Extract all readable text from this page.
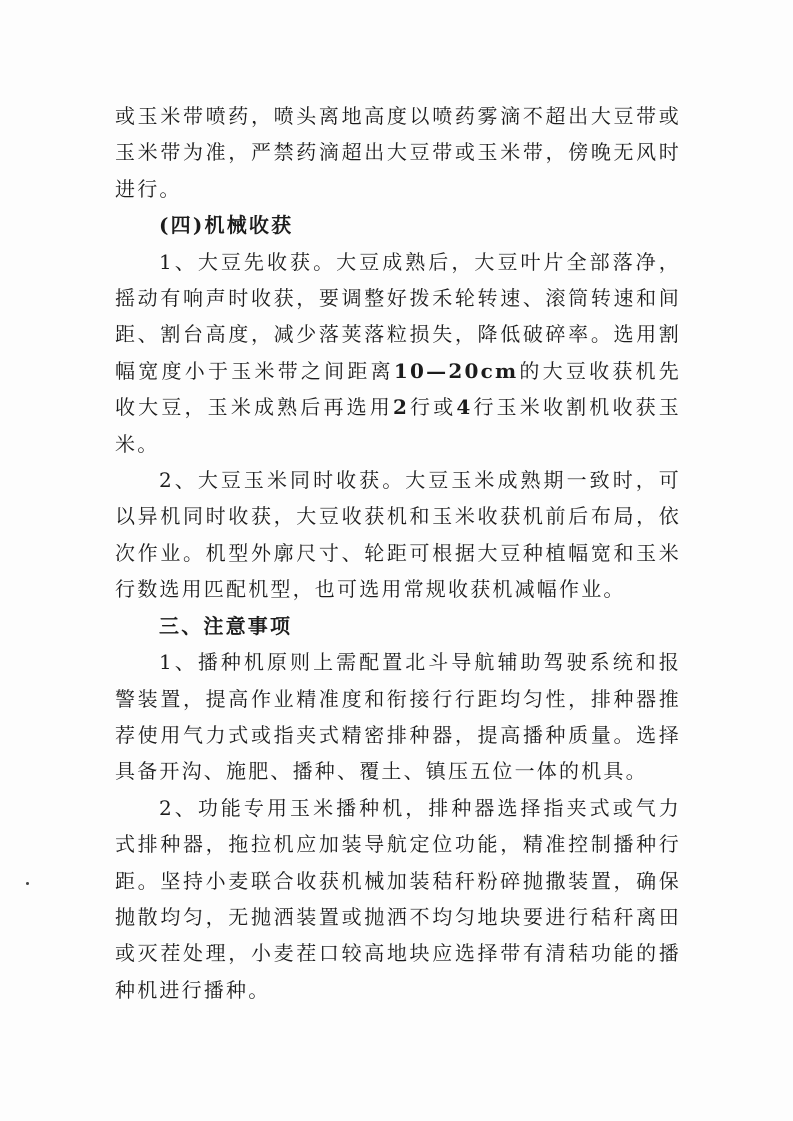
或玉米带喷药，喷头离地高度以喷药雾滴不超出大豆带或玉米带为准，严禁药滴超出大豆带或玉米带，傍晚无风时进行。

(四)机械收获

1、大豆先收获。大豆成熟后，大豆叶片全部落净，摇动有响声时收获，要调整好拨禾轮转速、滚筒转速和间距、割台高度，减少落荚落粒损失，降低破碎率。选用割幅宽度小于玉米带之间距离10—20cm的大豆收获机先收大豆，玉米成熟后再选用2行或4行玉米收割机收获玉米。

2、大豆玉米同时收获。大豆玉米成熟期一致时，可以异机同时收获，大豆收获机和玉米收获机前后布局，依次作业。机型外廓尺寸、轮距可根据大豆种植幅宽和玉米行数选用匹配机型，也可选用常规收获机减幅作业。

三、注意事项

1、播种机原则上需配置北斗导航辅助驾驶系统和报警装置，提高作业精准度和衔接行行距均匀性，排种器推荐使用气力式或指夹式精密排种器，提高播种质量。选择具备开沟、施肥、播种、覆土、镇压五位一体的机具。

2、功能专用玉米播种机，排种器选择指夹式或气力式排种器，拖拉机应加装导航定位功能，精准控制播种行距。坚持小麦联合收获机械加装秸秆粉碎抛撒装置，确保抛散均匀，无抛洒装置或抛洒不均匀地块要进行秸秆离田或灭茬处理，小麦茬口较高地块应选择带有清秸功能的播种机进行播种。
